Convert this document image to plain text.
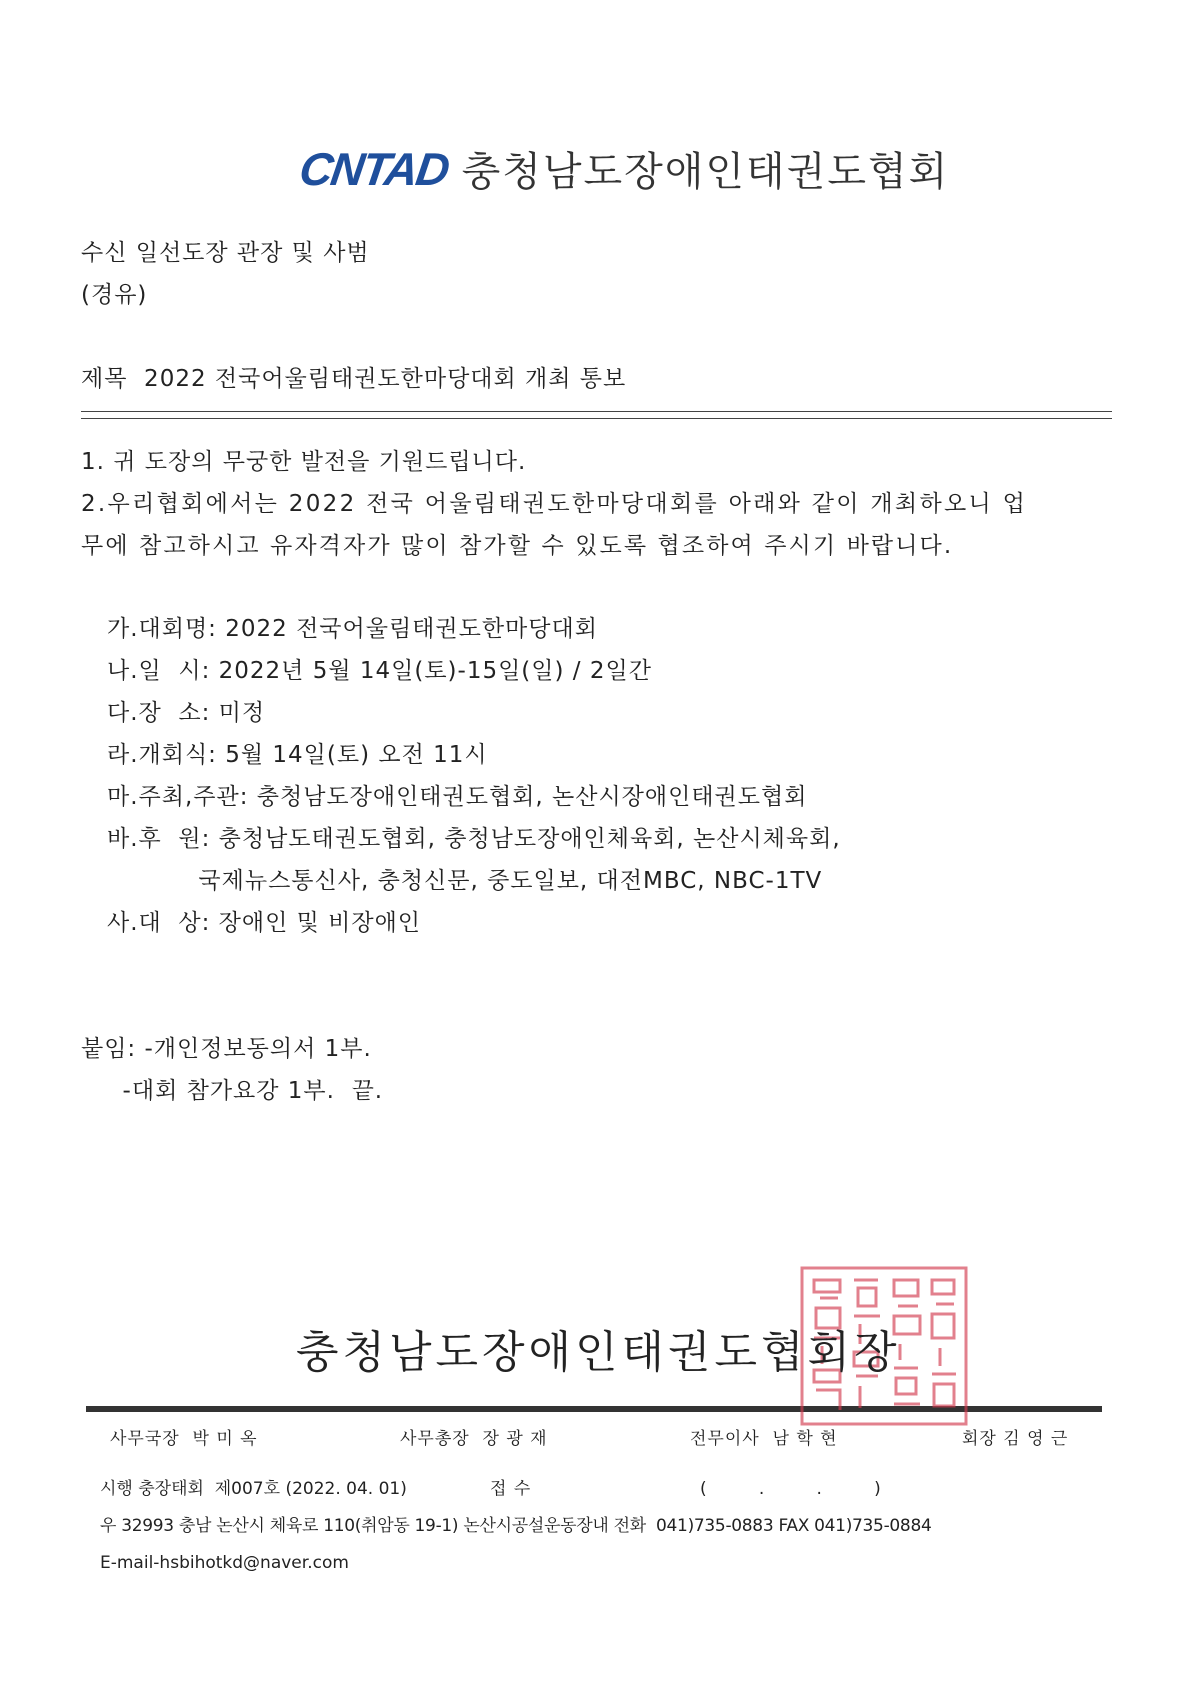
CNTAD 충청남도장애인태권도협회
수신 일선도장 관장 및 사범
(경유)
제목  2022 전국어울림태권도한마당대회 개최 통보
1. 귀 도장의 무궁한 발전을 기원드립니다.
2.우리협회에서는 2022 전국 어울림태권도한마당대회를 아래와 같이 개최하오니 업
무에 참고하시고 유자격자가 많이 참가할 수 있도록 협조하여 주시기 바랍니다.
가.대회명: 2022 전국어울림태권도한마당대회
나.일  시: 2022년 5월 14일(토)-15일(일) / 2일간
다.장  소: 미정
라.개회식: 5월 14일(토) 오전 11시
마.주최,주관: 충청남도장애인태권도협회, 논산시장애인태권도협회
바.후  원: 충청남도태권도협회, 충청남도장애인체육회, 논산시체육회,
국제뉴스통신사, 충청신문, 중도일보, 대전MBC, NBC-1TV
사.대  상: 장애인 및 비장애인
붙임: -개인정보동의서 1부.
-대회 참가요강 1부.  끝.
충청남도장애인태권도협회장
사무국장  박 미 옥	사무총장  장 광 재	전무이사  남 학 현	회장 김 영 근
시행 충장태회  제007호 (2022. 04. 01)	접 수	(        .        .        )
우 32993 충남 논산시 체육로 110(취암동 19-1) 논산시공설운동장내 전화  041)735-0883 FAX 041)735-0884
E-mail-hsbihotkd@naver.com
